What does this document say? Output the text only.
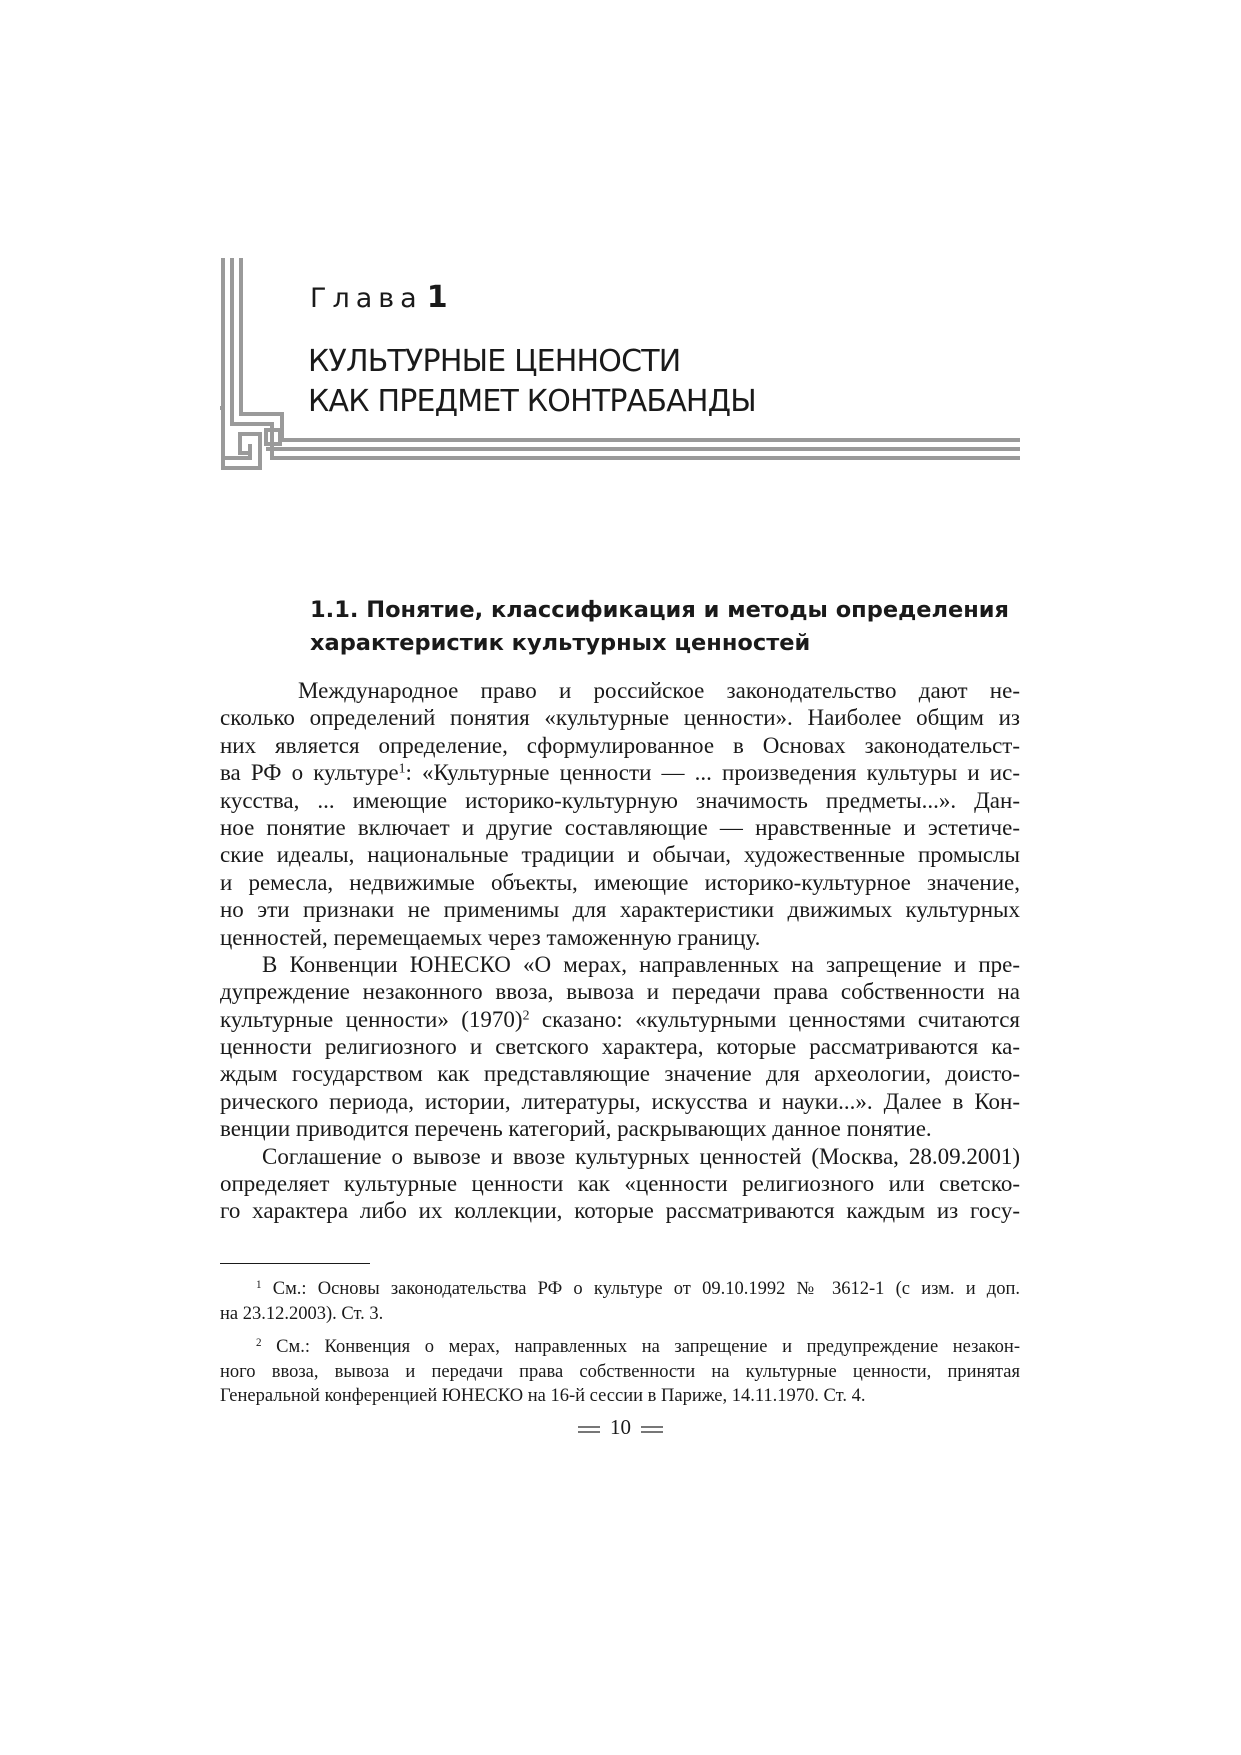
Глава 1
КУЛЬТУРНЫЕ ЦЕННОСТИ
КАК ПРЕДМЕТ КОНТРАБАНДЫ
1.1. Понятие, классификация и методы определения
характеристик культурных ценностей
Международное право и российское законодательство дают не-
сколько определений понятия «культурные ценности». Наиболее общим из
них является определение, сформулированное в Основах законодательст-
ва РФ о культуре$^1$: «Культурные ценности — ... произведения культуры и ис-
кусства, ... имеющие историко-культурную значимость предметы...». Дан-
ное понятие включает и другие составляющие — нравственные и эстетиче-
ские идеалы, национальные традиции и обычаи, художественные промыслы
и ремесла, недвижимые объекты, имеющие историко-культурное значение,
но эти признаки не применимы для характеристики движимых культурных
ценностей, перемещаемых через таможенную границу.
В Конвенции ЮНЕСКО «О мерах, направленных на запрещение и пре-
дупреждение незаконного ввоза, вывоза и передачи права собственности на
культурные ценности» $(1970)^2$ сказано: «культурными ценностями считаются
ценности религиозного и светского характера, которые рассматриваются ка-
ждым государством как представляющие значение для археологии, доисто-
рического периода, истории, литературы, искусства и науки...». Далее в Кон-
венции приводится перечень категорий, раскрывающих данное понятие.
Соглашение о вывозе и ввозе культурных ценностей (Москва, 28.09.2001)
определяет культурные ценности как «ценности религиозного или светско-
го характера либо их коллекции, которые рассматриваются каждым из госу-
$^1$ См.: Основы законодательства РФ о культуре от 09.10.1992 № 3612-1 (с изм. и доп.
на 23.12.2003). Ст. 3.
$^2$ См.: Конвенция о мерах, направленных на запрещение и предупреждение незакон-
ного ввоза, вывоза и передачи права собственности на культурные ценности, принятая
Генеральной конференцией ЮНЕСКО на 16-й сессии в Париже, 14.11.1970. Ст. 4.
10
